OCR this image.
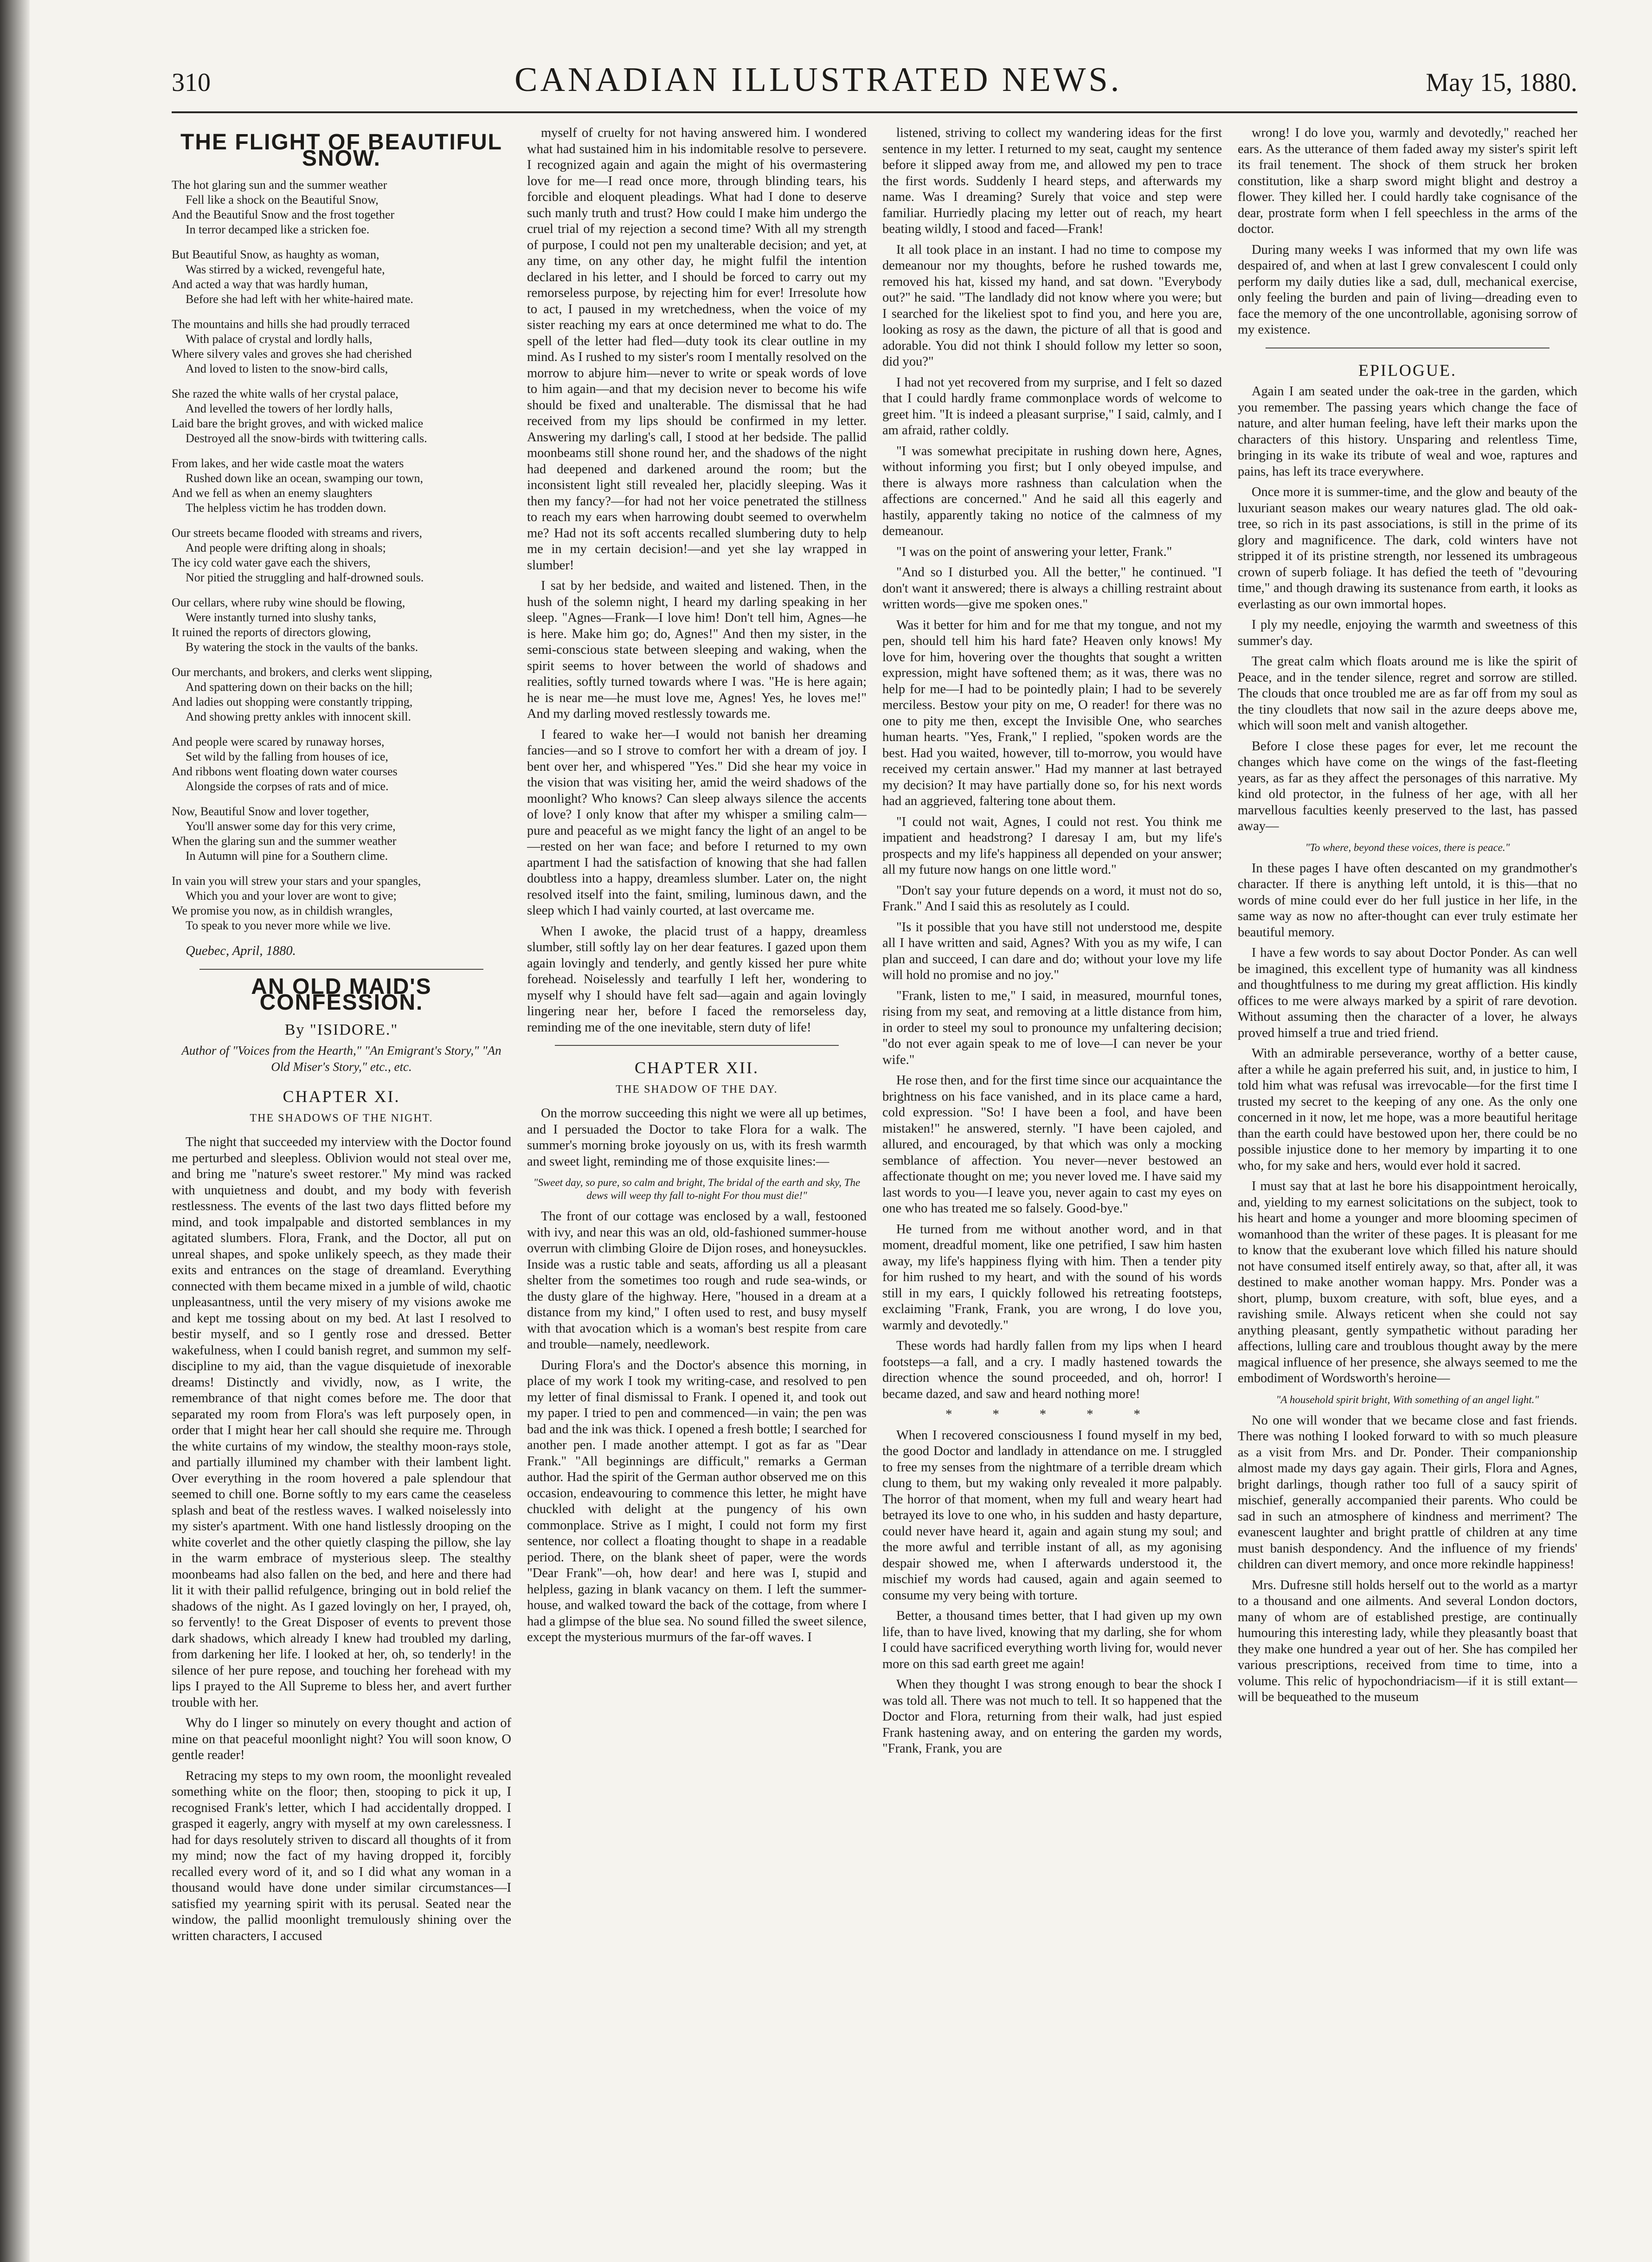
310	CANADIAN ILLUSTRATED NEWS.	May 15, 1880.
THE FLIGHT OF BEAUTIFUL SNOW.
The hot glaring sun and the summer weather
Fell like a shock on the Beautiful Snow,
And the Beautiful Snow and the frost together
In terror decamped like a stricken foe.
But Beautiful Snow, as haughty as woman,
Was stirred by a wicked, revengeful hate,
And acted a way that was hardly human,
Before she had left with her white-haired mate.
The mountains and hills she had proudly terraced
With palace of crystal and lordly halls,
Where silvery vales and groves she had cherished
And loved to listen to the snow-bird calls,
She razed the white walls of her crystal palace,
And levelled the towers of her lordly halls,
Laid bare the bright groves, and with wicked malice
Destroyed all the snow-birds with twittering calls.
From lakes, and her wide castle moat the waters
Rushed down like an ocean, swamping our town,
And we fell as when an enemy slaughters
The helpless victim he has trodden down.
Our streets became flooded with streams and rivers,
And people were drifting along in shoals;
The icy cold water gave each the shivers,
Nor pitied the struggling and half-drowned souls.
Our cellars, where ruby wine should be flowing,
Were instantly turned into slushy tanks,
It ruined the reports of directors glowing,
By watering the stock in the vaults of the banks.
Our merchants, and brokers, and clerks went slipping,
And spattering down on their backs on the hill;
And ladies out shopping were constantly tripping,
And showing pretty ankles with innocent skill.
And people were scared by runaway horses,
Set wild by the falling from houses of ice,
And ribbons went floating down water courses
Alongside the corpses of rats and of mice.
Now, Beautiful Snow and lover together,
You'll answer some day for this very crime,
When the glaring sun and the summer weather
In Autumn will pine for a Southern clime.
In vain you will strew your stars and your spangles,
Which you and your lover are wont to give;
We promise you now, as in childish wrangles,
To speak to you never more while we live.

Quebec, April, 1880.

AN OLD MAID'S CONFESSION.
By "ISIDORE."
Author of "Voices from the Hearth," "An Emigrant's Story," "An Old Miser's Story," etc., etc.
CHAPTER XI.
THE SHADOWS OF THE NIGHT.

The night that succeeded my interview with the Doctor found me perturbed and sleepless. Oblivion would not steal over me, and bring me "nature's sweet restorer." My mind was racked with unquietness and doubt, and my body with feverish restlessness. The events of the last two days flitted before my mind, and took impalpable and distorted semblances in my agitated slumbers. Flora, Frank, and the Doctor, all put on unreal shapes, and spoke unlikely speech, as they made their exits and entrances on the stage of dreamland. Everything connected with them became mixed in a jumble of wild, chaotic unpleasantness, until the very misery of my visions awoke me and kept me tossing about on my bed. At last I resolved to bestir myself, and so I gently rose and dressed. Better wakefulness, when I could banish regret, and summon my self-discipline to my aid, than the vague disquietude of inexorable dreams! Distinctly and vividly, now, as I write, the remembrance of that night comes before me. The door that separated my room from Flora's was left purposely open, in order that I might hear her call should she require me. Through the white curtains of my window, the stealthy moon-rays stole, and partially illumined my chamber with their lambent light. Over everything in the room hovered a pale splendour that seemed to chill one. Borne softly to my ears came the ceaseless splash and beat of the restless waves. I walked noiselessly into my sister's apartment. With one hand listlessly drooping on the white coverlet and the other quietly clasping the pillow, she lay in the warm embrace of mysterious sleep. The stealthy moonbeams had also fallen on the bed, and here and there had lit it with their pallid refulgence, bringing out in bold relief the shadows of the night. As I gazed lovingly on her, I prayed, oh, so fervently! to the Great Disposer of events to prevent those dark shadows, which already I knew had troubled my darling, from darkening her life. I looked at her, oh, so tenderly! in the silence of her pure repose, and touching her forehead with my lips I prayed to the All Supreme to bless her, and avert further trouble with her.

Why do I linger so minutely on every thought and action of mine on that peaceful moonlight night? You will soon know, O gentle reader!

Retracing my steps to my own room, the moonlight revealed something white on the floor; then, stooping to pick it up, I recognised Frank's letter, which I had accidentally dropped. I grasped it eagerly, angry with myself at my own carelessness. I had for days resolutely striven to discard all thoughts of it from my mind; now the fact of my having dropped it, forcibly recalled every word of it, and so I did what any woman in a thousand would have done under similar circumstances—I satisfied my yearning spirit with its perusal. Seated near the window, the pallid moonlight tremulously shining over the written characters, I accused

myself of cruelty for not having answered him. I wondered what had sustained him in his indomitable resolve to persevere. I recognized again and again the might of his overmastering love for me—I read once more, through blinding tears, his forcible and eloquent pleadings. What had I done to deserve such manly truth and trust? How could I make him undergo the cruel trial of my rejection a second time? With all my strength of purpose, I could not pen my unalterable decision; and yet, at any time, on any other day, he might fulfil the intention declared in his letter, and I should be forced to carry out my remorseless purpose, by rejecting him for ever! Irresolute how to act, I paused in my wretchedness, when the voice of my sister reaching my ears at once determined me what to do. The spell of the letter had fled—duty took its clear outline in my mind. As I rushed to my sister's room I mentally resolved on the morrow to abjure him—never to write or speak words of love to him again—and that my decision never to become his wife should be fixed and unalterable. The dismissal that he had received from my lips should be confirmed in my letter. Answering my darling's call, I stood at her bedside. The pallid moonbeams still shone round her, and the shadows of the night had deepened and darkened around the room; but the inconsistent light still revealed her, placidly sleeping. Was it then my fancy?—for had not her voice penetrated the stillness to reach my ears when harrowing doubt seemed to overwhelm me? Had not its soft accents recalled slumbering duty to help me in my certain decision!—and yet she lay wrapped in slumber!

I sat by her bedside, and waited and listened. Then, in the hush of the solemn night, I heard my darling speaking in her sleep. "Agnes—Frank—I love him! Don't tell him, Agnes—he is here. Make him go; do, Agnes!" And then my sister, in the semi-conscious state between sleeping and waking, when the spirit seems to hover between the world of shadows and realities, softly turned towards where I was. "He is here again; he is near me—he must love me, Agnes! Yes, he loves me!" And my darling moved restlessly towards me.

I feared to wake her—I would not banish her dreaming fancies—and so I strove to comfort her with a dream of joy. I bent over her, and whispered "Yes." Did she hear my voice in the vision that was visiting her, amid the weird shadows of the moonlight? Who knows? Can sleep always silence the accents of love? I only know that after my whisper a smiling calm—pure and peaceful as we might fancy the light of an angel to be—rested on her wan face; and before I returned to my own apartment I had the satisfaction of knowing that she had fallen doubtless into a happy, dreamless slumber. Later on, the night resolved itself into the faint, smiling, luminous dawn, and the sleep which I had vainly courted, at last overcame me.

When I awoke, the placid trust of a happy, dreamless slumber, still softly lay on her dear features. I gazed upon them again lovingly and tenderly, and gently kissed her pure white forehead. Noiselessly and tearfully I left her, wondering to myself why I should have felt sad—again and again lovingly lingering near her, before I faced the remorseless day, reminding me of the one inevitable, stern duty of life!

CHAPTER XII.
THE SHADOW OF THE DAY.

On the morrow succeeding this night we were all up betimes, and I persuaded the Doctor to take Flora for a walk. The summer's morning broke joyously on us, with its fresh warmth and sweet light, reminding me of those exquisite lines:—

"Sweet day, so pure, so calm and bright, The bridal of the earth and sky, The dews will weep thy fall to-night For thou must die!"

The front of our cottage was enclosed by a wall, festooned with ivy, and near this was an old, old-fashioned summer-house overrun with climbing Gloire de Dijon roses, and honeysuckles. Inside was a rustic table and seats, affording us all a pleasant shelter from the sometimes too rough and rude sea-winds, or the dusty glare of the highway. Here, "housed in a dream at a distance from my kind," I often used to rest, and busy myself with that avocation which is a woman's best respite from care and trouble—namely, needlework.

During Flora's and the Doctor's absence this morning, in place of my work I took my writing-case, and resolved to pen my letter of final dismissal to Frank. I opened it, and took out my paper. I tried to pen and commenced—in vain; the pen was bad and the ink was thick. I opened a fresh bottle; I searched for another pen. I made another attempt. I got as far as "Dear Frank." "All beginnings are difficult," remarks a German author. Had the spirit of the German author observed me on this occasion, endeavouring to commence this letter, he might have chuckled with delight at the pungency of his own commonplace. Strive as I might, I could not form my first sentence, nor collect a floating thought to shape in a readable period. There, on the blank sheet of paper, were the words "Dear Frank"—oh, how dear! and here was I, stupid and helpless, gazing in blank vacancy on them. I left the summer-house, and walked toward the back of the cottage, from where I had a glimpse of the blue sea. No sound filled the sweet silence, except the mysterious murmurs of the far-off waves. I

listened, striving to collect my wandering ideas for the first sentence in my letter. I returned to my seat, caught my sentence before it slipped away from me, and allowed my pen to trace the first words. Suddenly I heard steps, and afterwards my name. Was I dreaming? Surely that voice and step were familiar. Hurriedly placing my letter out of reach, my heart beating wildly, I stood and faced—Frank!

It all took place in an instant. I had no time to compose my demeanour nor my thoughts, before he rushed towards me, removed his hat, kissed my hand, and sat down. "Everybody out?" he said. "The landlady did not know where you were; but I searched for the likeliest spot to find you, and here you are, looking as rosy as the dawn, the picture of all that is good and adorable. You did not think I should follow my letter so soon, did you?"

I had not yet recovered from my surprise, and I felt so dazed that I could hardly frame commonplace words of welcome to greet him. "It is indeed a pleasant surprise," I said, calmly, and I am afraid, rather coldly.

"I was somewhat precipitate in rushing down here, Agnes, without informing you first; but I only obeyed impulse, and there is always more rashness than calculation when the affections are concerned." And he said all this eagerly and hastily, apparently taking no notice of the calmness of my demeanour.

"I was on the point of answering your letter, Frank."

"And so I disturbed you. All the better," he continued. "I don't want it answered; there is always a chilling restraint about written words—give me spoken ones."

Was it better for him and for me that my tongue, and not my pen, should tell him his hard fate? Heaven only knows! My love for him, hovering over the thoughts that sought a written expression, might have softened them; as it was, there was no help for me—I had to be pointedly plain; I had to be severely merciless. Bestow your pity on me, O reader! for there was no one to pity me then, except the Invisible One, who searches human hearts. "Yes, Frank," I replied, "spoken words are the best. Had you waited, however, till to-morrow, you would have received my certain answer." Had my manner at last betrayed my decision? It may have partially done so, for his next words had an aggrieved, faltering tone about them.

"I could not wait, Agnes, I could not rest. You think me impatient and headstrong? I daresay I am, but my life's prospects and my life's happiness all depended on your answer; all my future now hangs on one little word."

"Don't say your future depends on a word, it must not do so, Frank." And I said this as resolutely as I could.

"Is it possible that you have still not understood me, despite all I have written and said, Agnes? With you as my wife, I can plan and succeed, I can dare and do; without your love my life will hold no promise and no joy."

"Frank, listen to me," I said, in measured, mournful tones, rising from my seat, and removing at a little distance from him, in order to steel my soul to pronounce my unfaltering decision; "do not ever again speak to me of love—I can never be your wife."

He rose then, and for the first time since our acquaintance the brightness on his face vanished, and in its place came a hard, cold expression. "So! I have been a fool, and have been mistaken!" he answered, sternly. "I have been cajoled, and allured, and encouraged, by that which was only a mocking semblance of affection. You never—never bestowed an affectionate thought on me; you never loved me. I have said my last words to you—I leave you, never again to cast my eyes on one who has treated me so falsely. Good-bye."

He turned from me without another word, and in that moment, dreadful moment, like one petrified, I saw him hasten away, my life's happiness flying with him. Then a tender pity for him rushed to my heart, and with the sound of his words still in my ears, I quickly followed his retreating footsteps, exclaiming "Frank, Frank, you are wrong, I do love you, warmly and devotedly."

These words had hardly fallen from my lips when I heard footsteps—a fall, and a cry. I madly hastened towards the direction whence the sound proceeded, and oh, horror! I became dazed, and saw and heard nothing more!

* * * * *

When I recovered consciousness I found myself in my bed, the good Doctor and landlady in attendance on me. I struggled to free my senses from the nightmare of a terrible dream which clung to them, but my waking only revealed it more palpably. The horror of that moment, when my full and weary heart had betrayed its love to one who, in his sudden and hasty departure, could never have heard it, again and again stung my soul; and the more awful and terrible instant of all, as my agonising despair showed me, when I afterwards understood it, the mischief my words had caused, again and again seemed to consume my very being with torture.

Better, a thousand times better, that I had given up my own life, than to have lived, knowing that my darling, she for whom I could have sacrificed everything worth living for, would never more on this sad earth greet me again!

When they thought I was strong enough to bear the shock I was told all. There was not much to tell. It so happened that the Doctor and Flora, returning from their walk, had just espied Frank hastening away, and on entering the garden my words, "Frank, Frank, you are

wrong! I do love you, warmly and devotedly," reached her ears. As the utterance of them faded away my sister's spirit left its frail tenement. The shock of them struck her broken constitution, like a sharp sword might blight and destroy a flower. They killed her. I could hardly take cognisance of the dear, prostrate form when I fell speechless in the arms of the doctor.

During many weeks I was informed that my own life was despaired of, and when at last I grew convalescent I could only perform my daily duties like a sad, dull, mechanical exercise, only feeling the burden and pain of living—dreading even to face the memory of the one uncontrollable, agonising sorrow of my existence.

EPILOGUE.

Again I am seated under the oak-tree in the garden, which you remember. The passing years which change the face of nature, and alter human feeling, have left their marks upon the characters of this history. Unsparing and relentless Time, bringing in its wake its tribute of weal and woe, raptures and pains, has left its trace everywhere.

Once more it is summer-time, and the glow and beauty of the luxuriant season makes our weary natures glad. The old oak-tree, so rich in its past associations, is still in the prime of its glory and magnificence. The dark, cold winters have not stripped it of its pristine strength, nor lessened its umbrageous crown of superb foliage. It has defied the teeth of "devouring time," and though drawing its sustenance from earth, it looks as everlasting as our own immortal hopes.

I ply my needle, enjoying the warmth and sweetness of this summer's day.

The great calm which floats around me is like the spirit of Peace, and in the tender silence, regret and sorrow are stilled. The clouds that once troubled me are as far off from my soul as the tiny cloudlets that now sail in the azure deeps above me, which will soon melt and vanish altogether.

Before I close these pages for ever, let me recount the changes which have come on the wings of the fast-fleeting years, as far as they affect the personages of this narrative. My kind old protector, in the fulness of her age, with all her marvellous faculties keenly preserved to the last, has passed away—

"To where, beyond these voices, there is peace."

In these pages I have often descanted on my grandmother's character. If there is anything left untold, it is this—that no words of mine could ever do her full justice in her life, in the same way as now no after-thought can ever truly estimate her beautiful memory.

I have a few words to say about Doctor Ponder. As can well be imagined, this excellent type of humanity was all kindness and thoughtfulness to me during my great affliction. His kindly offices to me were always marked by a spirit of rare devotion. Without assuming then the character of a lover, he always proved himself a true and tried friend.

With an admirable perseverance, worthy of a better cause, after a while he again preferred his suit, and, in justice to him, I told him what was refusal was irrevocable—for the first time I trusted my secret to the keeping of any one. As the only one concerned in it now, let me hope, was a more beautiful heritage than the earth could have bestowed upon her, there could be no possible injustice done to her memory by imparting it to one who, for my sake and hers, would ever hold it sacred.

I must say that at last he bore his disappointment heroically, and, yielding to my earnest solicitations on the subject, took to his heart and home a younger and more blooming specimen of womanhood than the writer of these pages. It is pleasant for me to know that the exuberant love which filled his nature should not have consumed itself entirely away, so that, after all, it was destined to make another woman happy. Mrs. Ponder was a short, plump, buxom creature, with soft, blue eyes, and a ravishing smile. Always reticent when she could not say anything pleasant, gently sympathetic without parading her affections, lulling care and troublous thought away by the mere magical influence of her presence, she always seemed to me the embodiment of Wordsworth's heroine—

"A household spirit bright, With something of an angel light."

No one will wonder that we became close and fast friends. There was nothing I looked forward to with so much pleasure as a visit from Mrs. and Dr. Ponder. Their companionship almost made my days gay again. Their girls, Flora and Agnes, bright darlings, though rather too full of a saucy spirit of mischief, generally accompanied their parents. Who could be sad in such an atmosphere of kindness and merriment? The evanescent laughter and bright prattle of children at any time must banish despondency. And the influence of my friends' children can divert memory, and once more rekindle happiness!

Mrs. Dufresne still holds herself out to the world as a martyr to a thousand and one ailments. And several London doctors, many of whom are of established prestige, are continually humouring this interesting lady, while they pleasantly boast that they make one hundred a year out of her. She has compiled her various prescriptions, received from time to time, into a volume. This relic of hypochondriacism—if it is still extant—will be bequeathed to the museum
